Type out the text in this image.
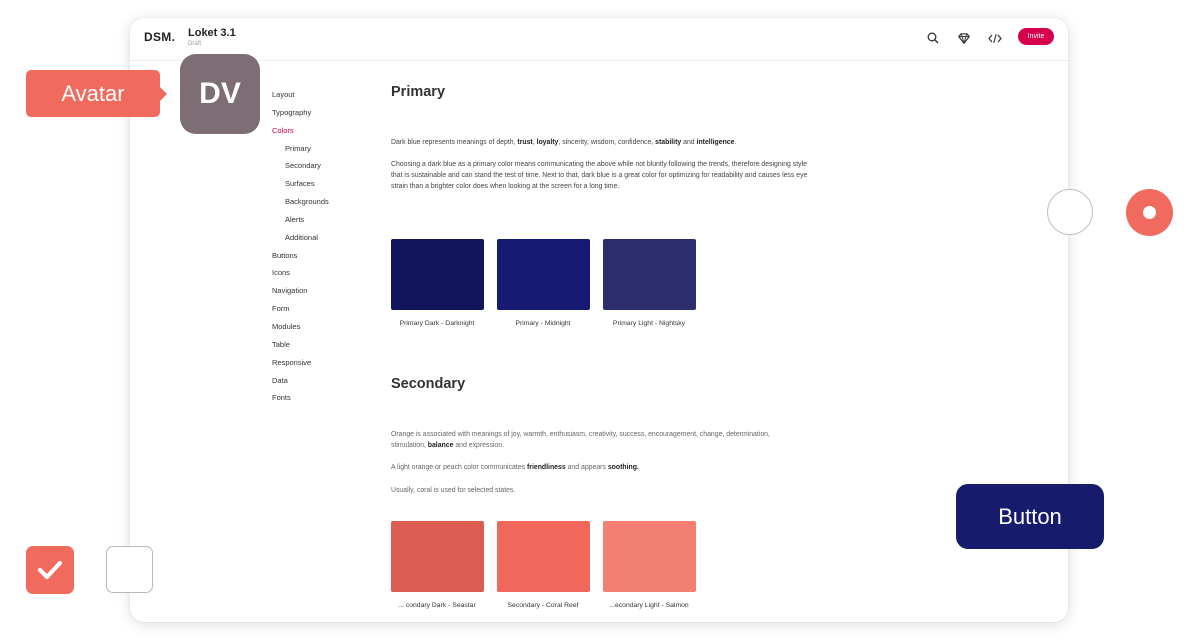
DSM. Loket 3.1
Draft
Invite
Layout
Typography
Colors
Primary
Secondary
Surfaces
Backgrounds
Alerts
Additional
Buttons
Icons
Navigation
Form
Modules
Table
Responsive
Data
Fonts
Primary

Dark blue represents meanings of depth, trust, loyalty, sincerity, wisdom, confidence, stability and intelligence.

Choosing a dark blue as a primary color means communicating the above while not bluntly following the trends, therefore designing style that is sustainable and can stand the test of time. Next to that, dark blue is a great color for optimizing for readability and causes less eye strain than a brighter color does when looking at the screen for a long time.

Primary Dark - Darknight	Primary - Midnight	Primary Light - Nightsky
Secondary

Orange is associated with meanings of joy, warmth, enthusiasm, creativity, success, encouragement, change, determination, stimulation, balance and expression.

A light orange or peach color communicates friendliness and appears soothing.

Usually, coral is used for selected states.

... condary Dark - Seastar	Secondary - Coral Reef	...econdary Light - Salmon
Avatar	DV
Button
